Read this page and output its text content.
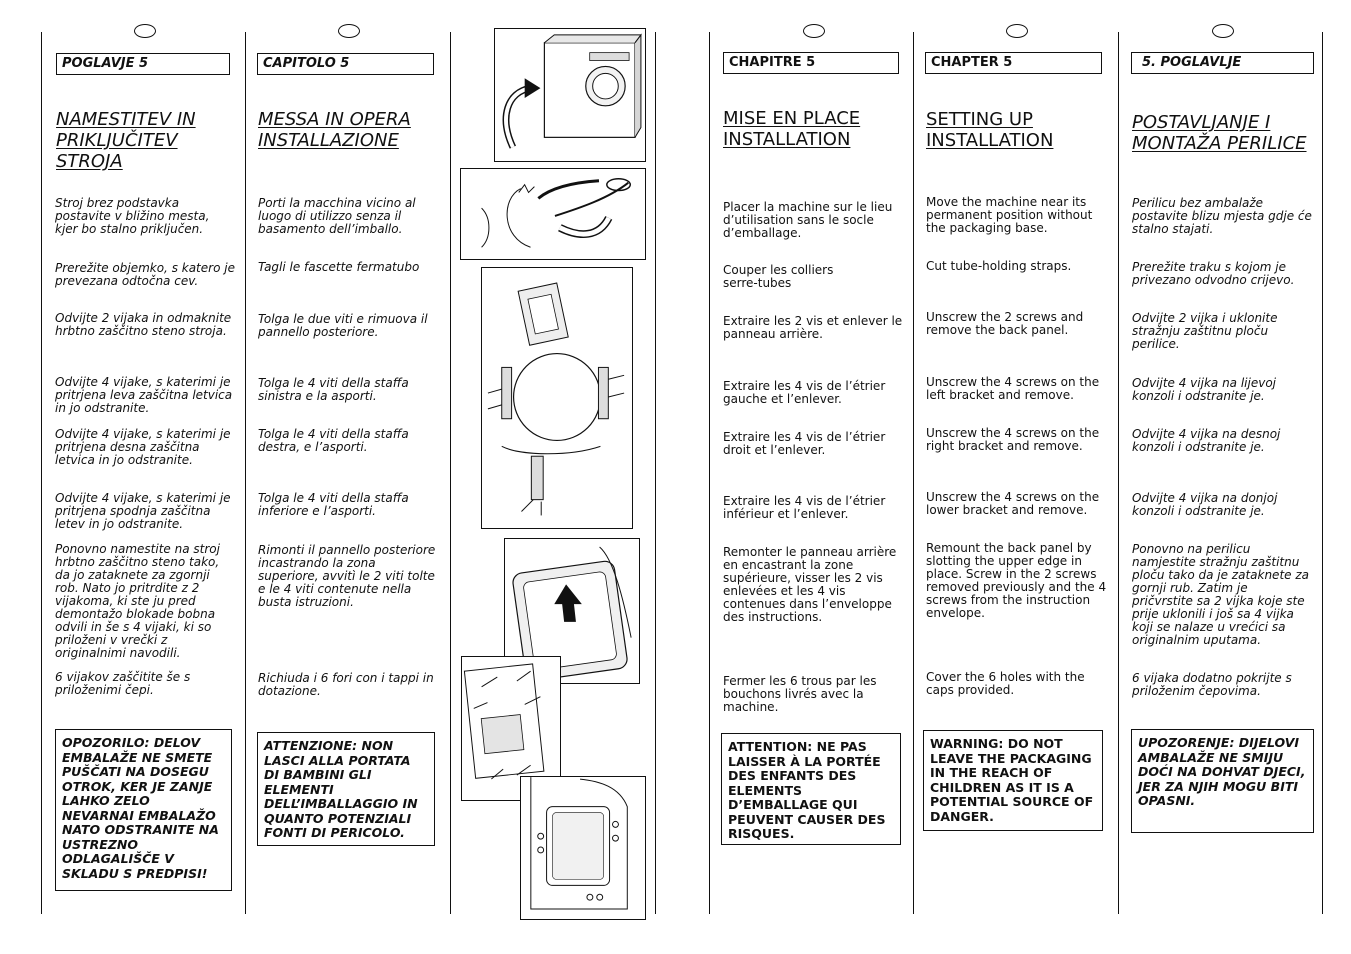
POGLAVJE 5
NAMESTITEV IN PRIKLJUČITEV STROJA
Stroj brez podstavka postavite v bližino mesta, kjer bo stalno priključen.
Prerežite objemko, s katero je prevezana odtočna cev.
Odvijte 2 vijaka in odmaknite hrbtno zaščitno steno stroja.
Odvijte 4 vijake, s katerimi je pritrjena leva zaščitna letvica in jo odstranite.
Odvijte 4 vijake, s katerimi je pritrjena desna zaščitna letvica in jo odstranite.
Odvijte 4 vijake, s katerimi je pritrjena spodnja zaščitna letev in jo odstranite.
Ponovno namestite na stroj hrbtno zaščitno steno tako, da jo zataknete za zgornji rob. Nato jo pritrdite z 2 vijakoma, ki ste ju pred demontažo blokade bobna odvili in še s 4 vijaki, ki so priloženi v vrečki z originalnimi navodili.
6 vijakov zaščitite še s priloženimi čepi.
OPOZORILO: DELOV EMBALAŽE NE SMETE PUŠČATI NA DOSEGU OTROK, KER JE ZANJE LAHKO ZELO NEVARNAI EMBALAŽO NATO ODSTRANITE NA USTREZNO ODLAGALIŠČE V SKLADU S PREDPISI!
CAPITOLO 5
MESSA IN OPERA INSTALLAZIONE
Porti la macchina vicino al luogo di utilizzo senza il basamento dell’imballo.
Tagli le fascette fermatubo
Tolga le due viti e rimuova il pannello posteriore.
Tolga le 4 viti della staffa sinistra e la asporti.
Tolga le 4 viti della staffa destra, e l’asporti.
Tolga le 4 viti della staffa inferiore e l’asporti.
Rimonti il pannello posteriore incastrando la zona superiore, avvitì le 2 viti tolte e le 4 viti contenute nella busta istruzioni.
Richiuda i 6 fori con i tappi in dotazione.
ATTENZIONE: NON LASCI ALLA PORTATA DI BAMBINI GLI ELEMENTI DELL’IMBALLAGGIO IN QUANTO POTENZIALI FONTI DI PERICOLO.
CHAPITRE 5
MISE EN PLACE INSTALLATION
Placer la machine sur le lieu d’utilisation sans le socle d’emballage.
Couper les colliers serre-tubes
Extraire les 2 vis et enlever le panneau arrière.
Extraire les 4 vis de l’étrier gauche et l’enlever.
Extraire les 4 vis de l’étrier droit et l’enlever.
Extraire les 4 vis de l’étrier inférieur et l’enlever.
Remonter le panneau arrière en encastrant la zone supérieure, visser les 2 vis enlevées et les 4 vis contenues dans l’enveloppe des instructions.
Fermer les 6 trous par les bouchons livrés avec la machine.
ATTENTION: NE PAS LAISSER À LA PORTÉE DES ENFANTS DES ELEMENTS D’EMBALLAGE QUI PEUVENT CAUSER DES RISQUES.
CHAPTER 5
SETTING UP INSTALLATION
Move the machine near its permanent position without the packaging base.
Cut tube-holding straps.
Unscrew the 2 screws and remove the back panel.
Unscrew the 4 screws on the left bracket and remove.
Unscrew the 4 screws on the right bracket and remove.
Unscrew the 4 screws on the lower bracket and remove.
Remount the back panel by slotting the upper edge in place. Screw in the 2 screws removed previously and the 4 screws from the instruction envelope.
Cover the 6 holes with the caps provided.
WARNING: DO NOT LEAVE THE PACKAGING IN THE REACH OF CHILDREN AS IT IS A POTENTIAL SOURCE OF DANGER.
5. POGLAVLJE
POSTAVLJANJE I MONTAŽA PERILICE
Perilicu bez ambalaže postavite blizu mjesta gdje će stalno stajati.
Prerežite traku s kojom je privezano odvodno crijevo.
Odvijte 2 vijka i uklonite stražnju zaštitnu ploču perilice.
Odvijte 4 vijka na lijevoj konzoli i odstranite je.
Odvijte 4 vijka na desnoj konzoli i odstranite je.
Odvijte 4 vijka na donjoj konzoli i odstranite je.
Ponovno na perilicu namjestite stražnju zaštitnu ploču tako da je zataknete za gornji rub. Zatim je pričvrstite sa 2 vijka koje ste prije uklonili i još sa 4 vijka koji se nalaze u vrećici sa originalnim uputama.
6 vijaka dodatno pokrijte s priloženim čepovima.
UPOZORENJE: DIJELOVI AMBALAŽE NE SMIJU DOĆI NA DOHVAT DJECI, JER ZA NJIH MOGU BITI OPASNI.
